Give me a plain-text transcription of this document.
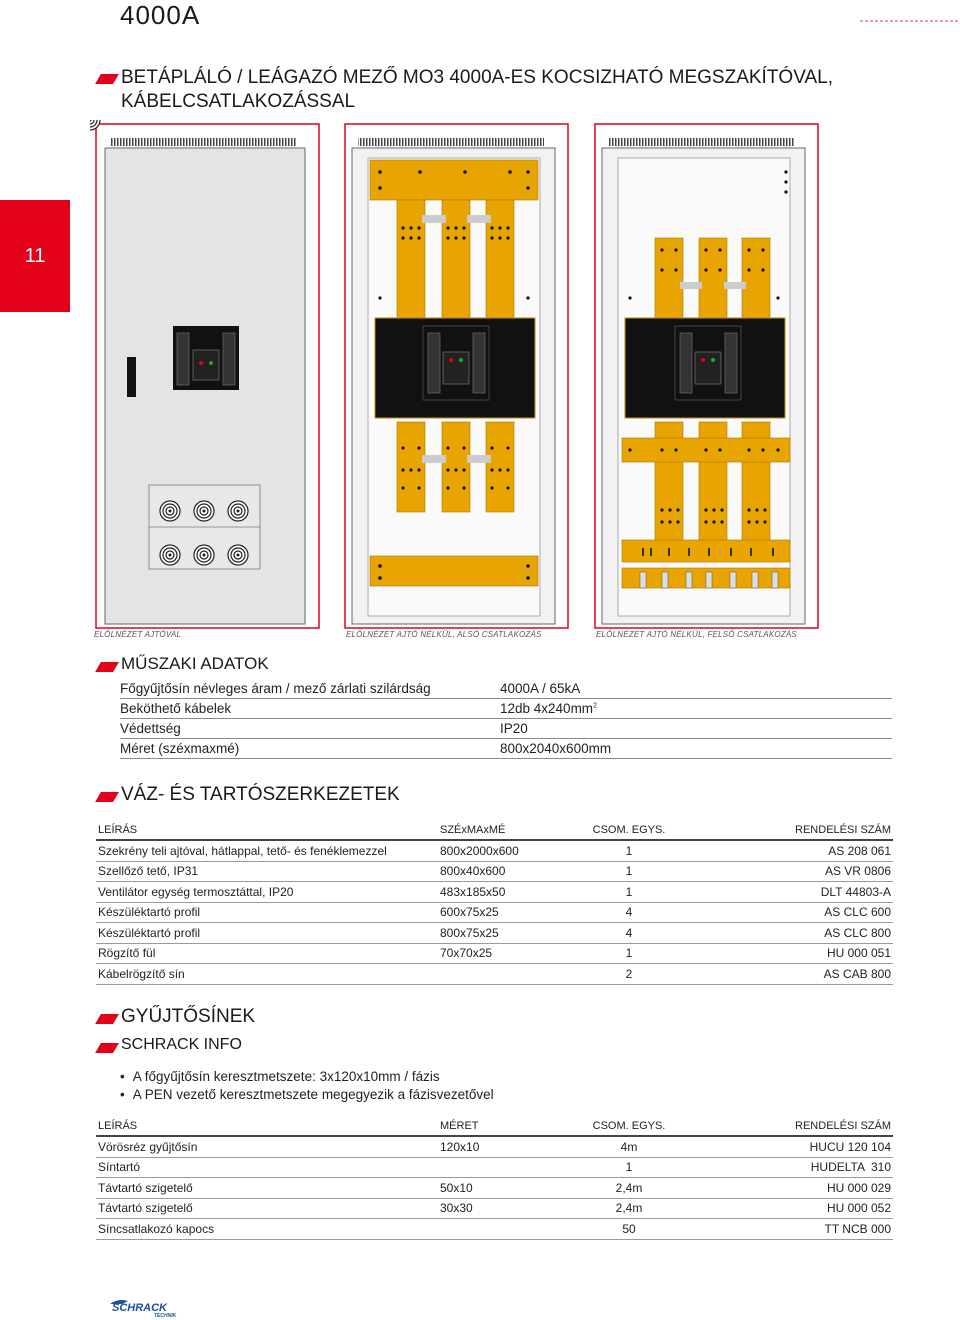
4000A
11
BETÁPLÁLÓ / LEÁGAZÓ MEZŐ MO3 4000A-ES KOCSIZHATÓ MEGSZAKÍTÓVAL,
KÁBELCSATLAKOZÁSSAL
ELŐLNÉZET AJTÓVAL	ELŐLNÉZET AJTÓ NÉLKÜL, ALSÓ CSATLAKOZÁS	ELŐLNÉZET AJTÓ NÉLKÜL, FELSŐ CSATLAKOZÁS
MŰSZAKI ADATOK
Főgyűjtősín névleges áram / mező zárlati szilárdság	4000A / 65kA
Beköthető kábelek	12db $4x240mm^2$
Védettség	IP20
Méret (széxmaxmé)	800x2040x600mm
VÁZ- ÉS TARTÓSZERKEZETEK
LEÍRÁS	SZÉxMAxMÉ	CSOM. EGYS.	RENDELÉSI SZÁM
Szekrény teli ajtóval, hátlappal, tető- és fenéklemezzel	800x2000x600	1	AS 208 061
Szellőző tető, IP31	800x40x600	1	AS VR 0806
Ventilátor egység termosztáttal, IP20	483x185x50	1	DLT 44803-A
Készüléktartó profil	600x75x25	4	AS CLC 600
Készüléktartó profil	800x75x25	4	AS CLC 800
Rögzítő fül	70x70x25	1	HU 000 051
Kábelrögzítő sín		2	AS CAB 800
GYŰJTŐSÍNEK
SCHRACK INFO
• A főgyűjtősín keresztmetszete: 3x120x10mm / fázis
• A PEN vezető keresztmetszete megegyezik a fázisvezetővel
LEÍRÁS	MÉRET	CSOM. EGYS.	RENDELÉSI SZÁM
Vörösréz gyűjtősín	120x10	4m	HUCU 120 104
Síntartó		1	HUDELTA  310
Távtartó szigetelő	50x10	2,4m	HU 000 029
Távtartó szigetelő	30x30	2,4m	HU 000 052
Síncsatlakozó kapocs		50	TT NCB 000
SCHRACK
TECHNIK
